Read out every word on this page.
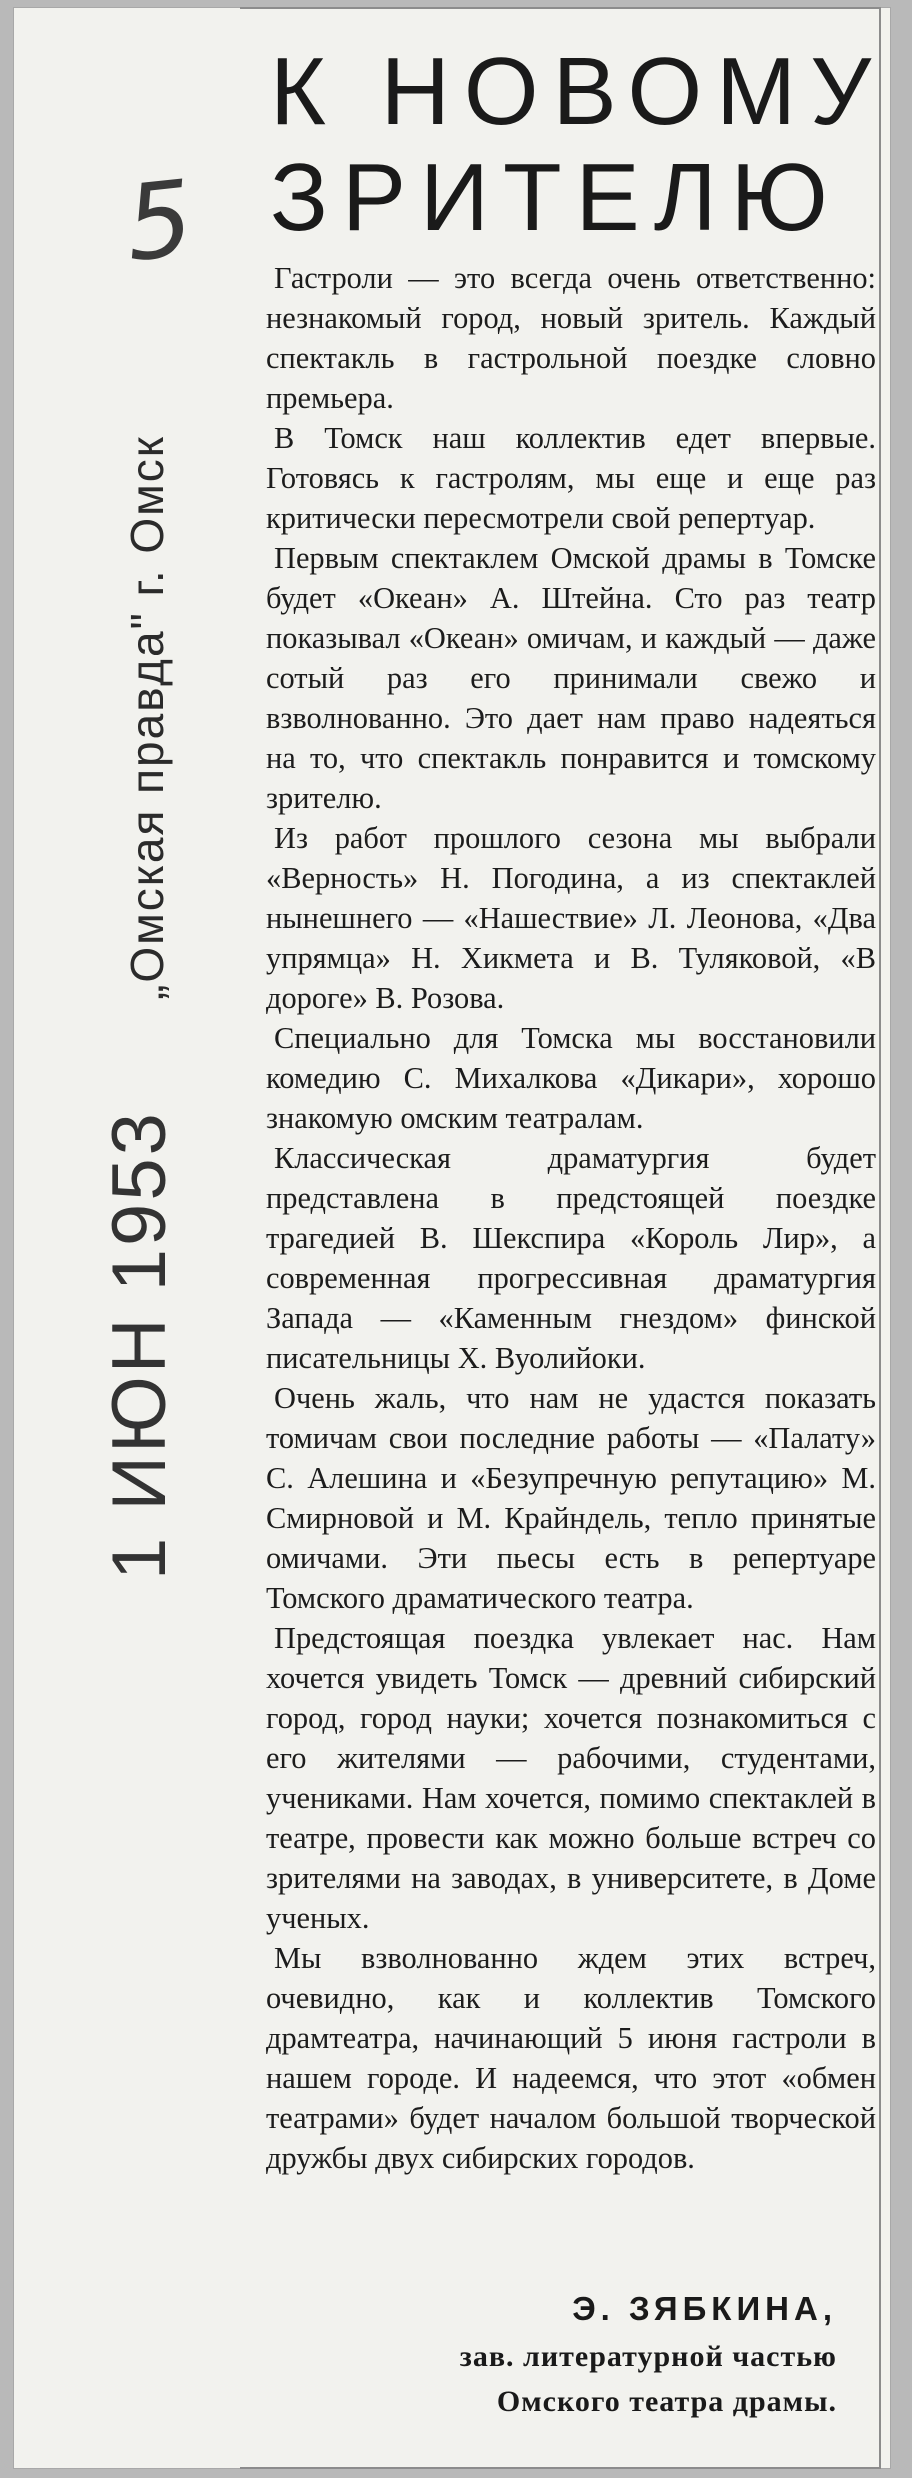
К НОВОМУ
ЗРИТЕЛЮ
5
„Омская правда" г. Омск
1 ИЮН 1953

Гастроли — это всегда очень ответственно: незнакомый город, новый зритель. Каждый спектакль в гастрольной поездке словно премьера.

В Томск наш коллектив едет впервые. Готовясь к гастролям, мы еще и еще раз критически пересмотрели свой репертуар.

Первым спектаклем Омской драмы в Томске будет «Океан» А. Штейна. Сто раз театр показывал «Океан» омичам, и каждый — даже сотый раз его принимали свежо и взволнованно. Это дает нам право надеяться на то, что спектакль понравится и томскому зрителю.

Из работ прошлого сезона мы выбрали «Верность» Н. Погодина, а из спектаклей нынешнего — «Нашествие» Л. Леонова, «Два упрямца» Н. Хикмета и В. Туляковой, «В дороге» В. Розова.

Специально для Томска мы восстановили комедию С. Михалкова «Дикари», хорошо знакомую омским театралам.

Классическая драматургия будет представлена в предстоящей поездке трагедией В. Шекспира «Король Лир», а современная прогрессивная драматургия Запада — «Каменным гнездом» финской писательницы Х. Вуолийоки.

Очень жаль, что нам не удастся показать томичам свои последние работы — «Палату» С. Алешина и «Безупречную репутацию» М. Смирновой и М. Крайндель, тепло принятые омичами. Эти пьесы есть в репертуаре Томского драматического театра.

Предстоящая поездка увлекает нас. Нам хочется увидеть Томск — древний сибирский город, город науки; хочется познакомиться с его жителями — рабочими, студентами, учениками. Нам хочется, помимо спектаклей в театре, провести как можно больше встреч со зрителями на заводах, в университете, в Доме ученых.

Мы взволнованно ждем этих встреч, очевидно, как и коллектив Томского драмтеатра, начинающий 5 июня гастроли в нашем городе. И надеемся, что этот «обмен театрами» будет началом большой творческой дружбы двух сибирских городов.

Э. ЗЯБКИНА,
зав. литературной частью
Омского театра драмы.
